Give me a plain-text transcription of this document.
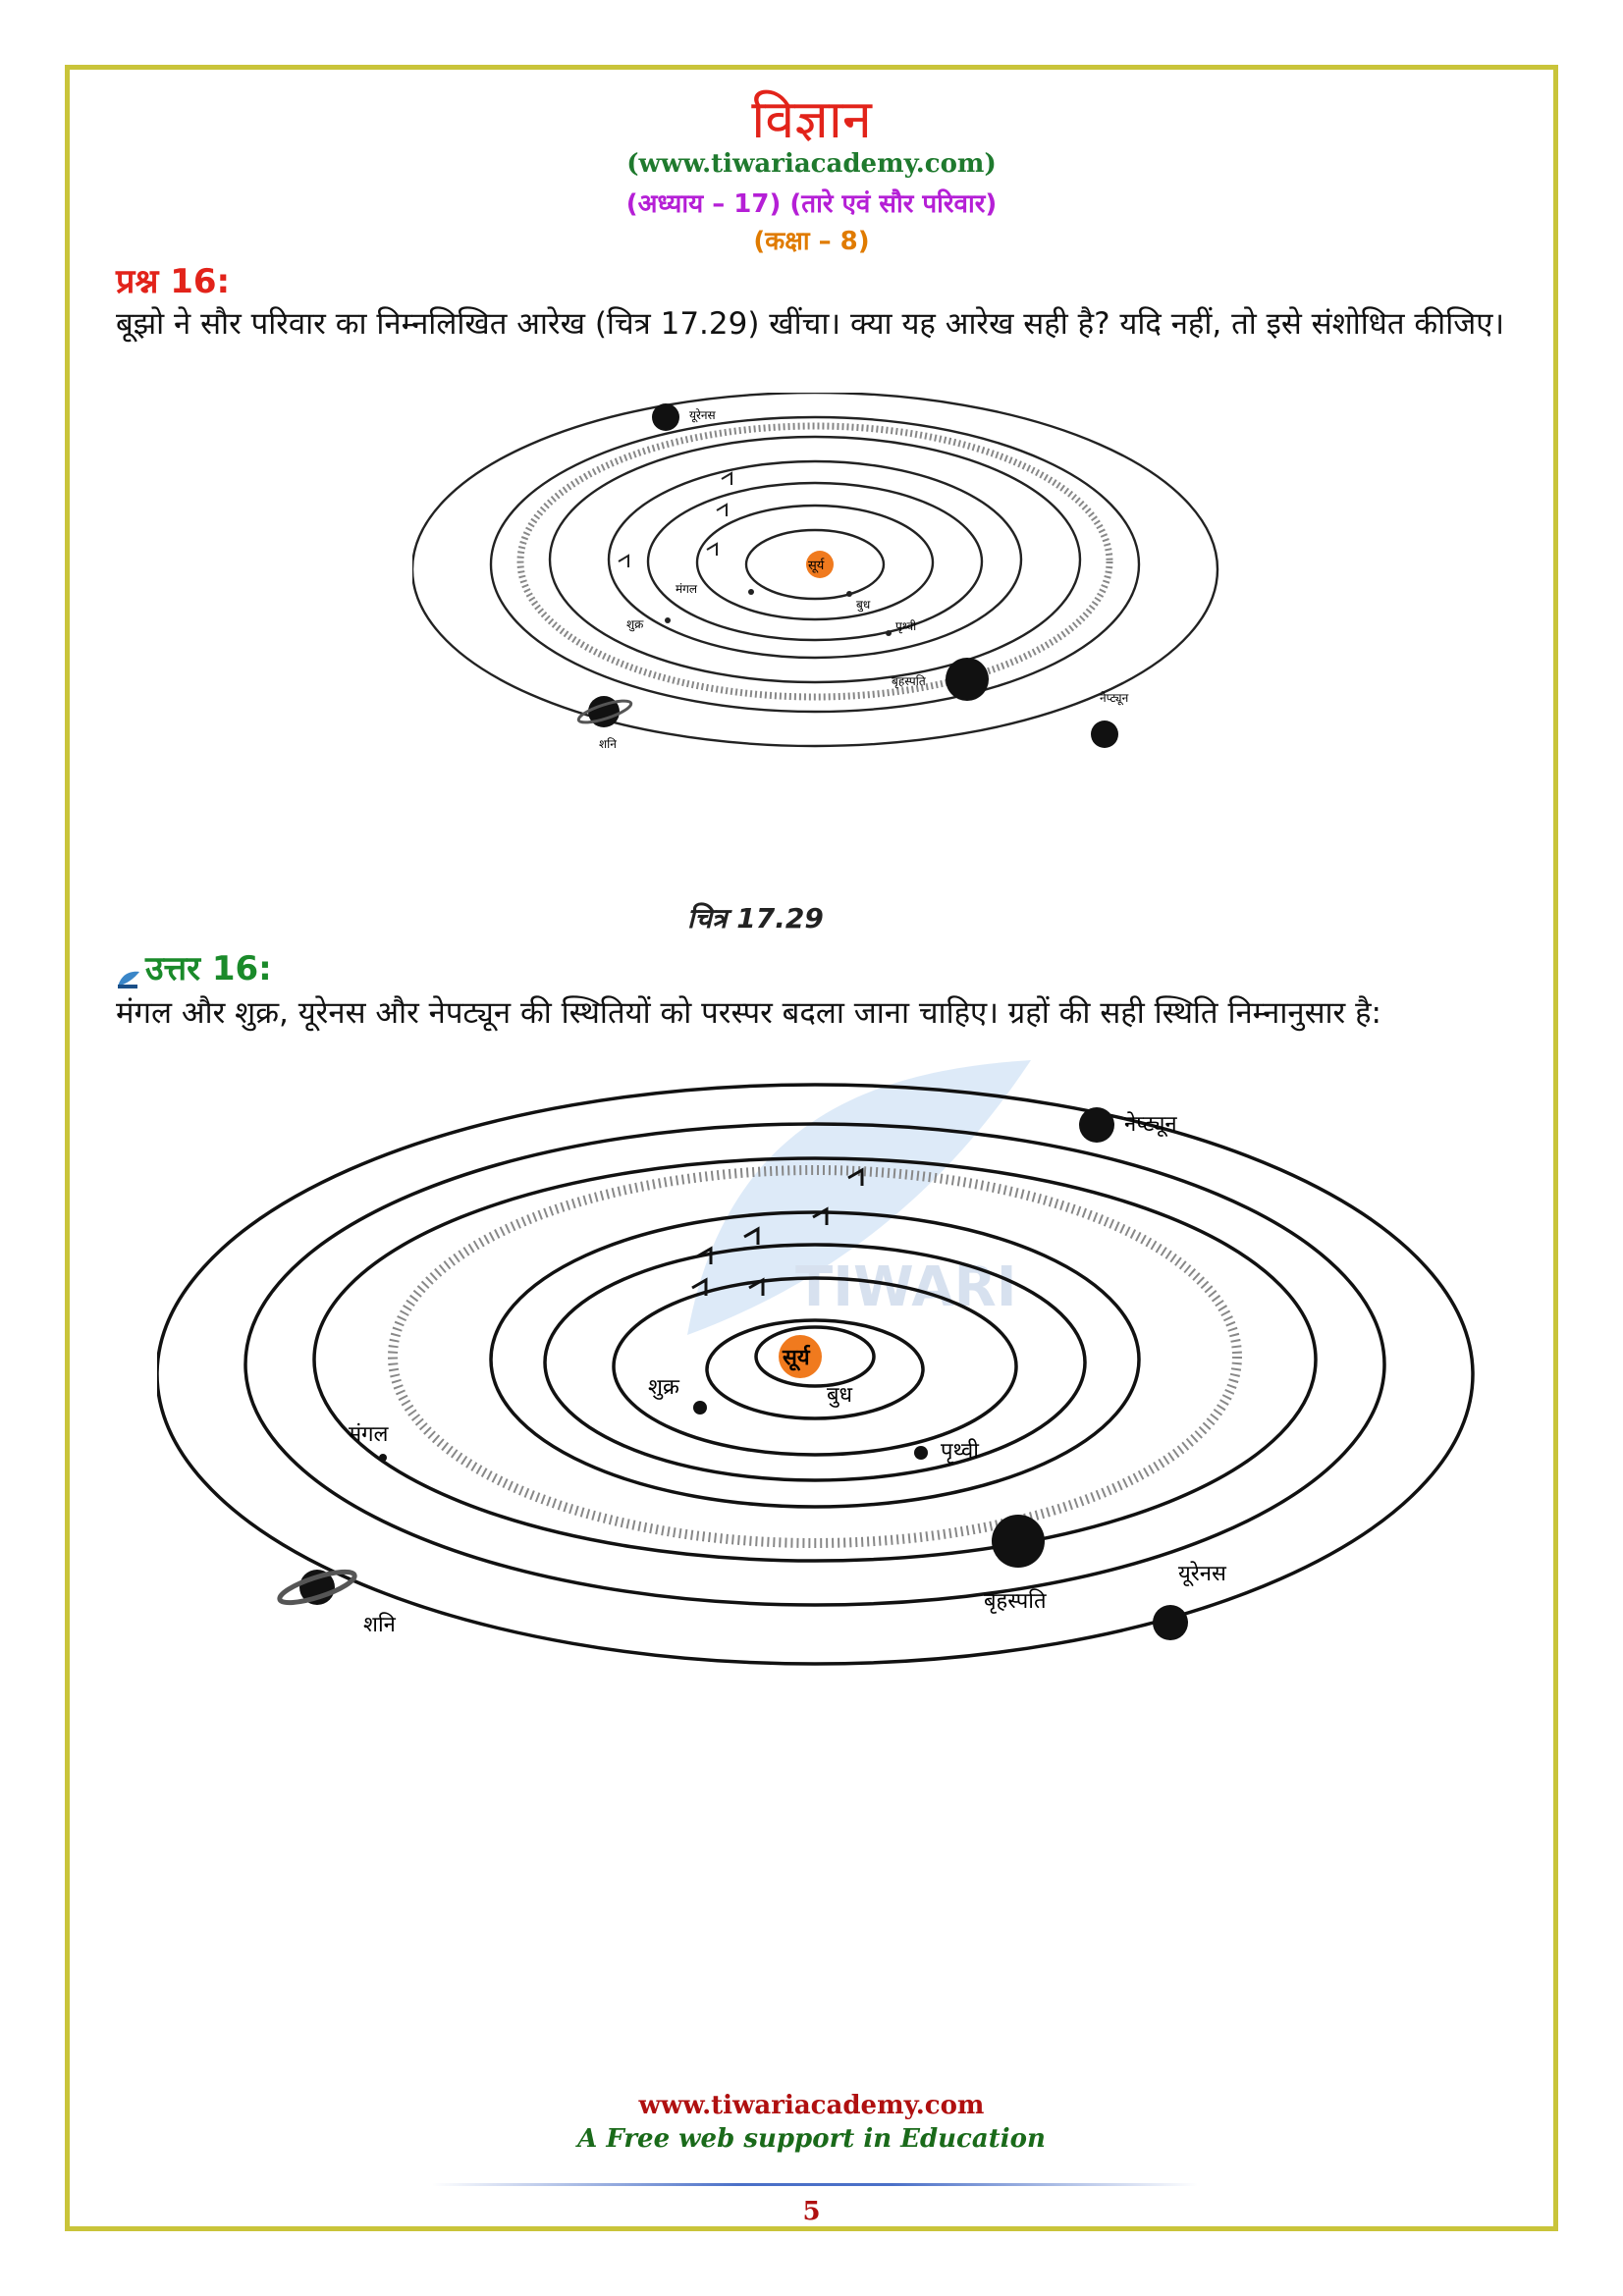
विज्ञान
(www.tiwariacademy.com)
(अध्याय – 17) (तारे एवं सौर परिवार)
(कक्षा – 8)
प्रश्न 16:
बूझो ने सौर परिवार का निम्नलिखित आरेख (चित्र 17.29) खींचा। क्या यह आरेख सही है? यदि नहीं, तो इसे संशोधित कीजिए।
सूर्य
मंगल
बुध
शुक्र	पृथ्वी
बृहस्पति
शनि
यूरेनस
नेप्ट्यून
चित्र 17.29
उत्तर 16:
मंगल और शुक्र, यूरेनस और नेपट्यून की स्थितियों को परस्पर बदला जाना चाहिए। ग्रहों की सही स्थिति निम्नानुसार है:
TIWARI
सूर्य
शुक्र	बुध
मंगल
पृथ्वी
बृहस्पति
शनि
यूरेनस
नेप्ट्यून
www.tiwariacademy.com
A Free web support in Education
5
